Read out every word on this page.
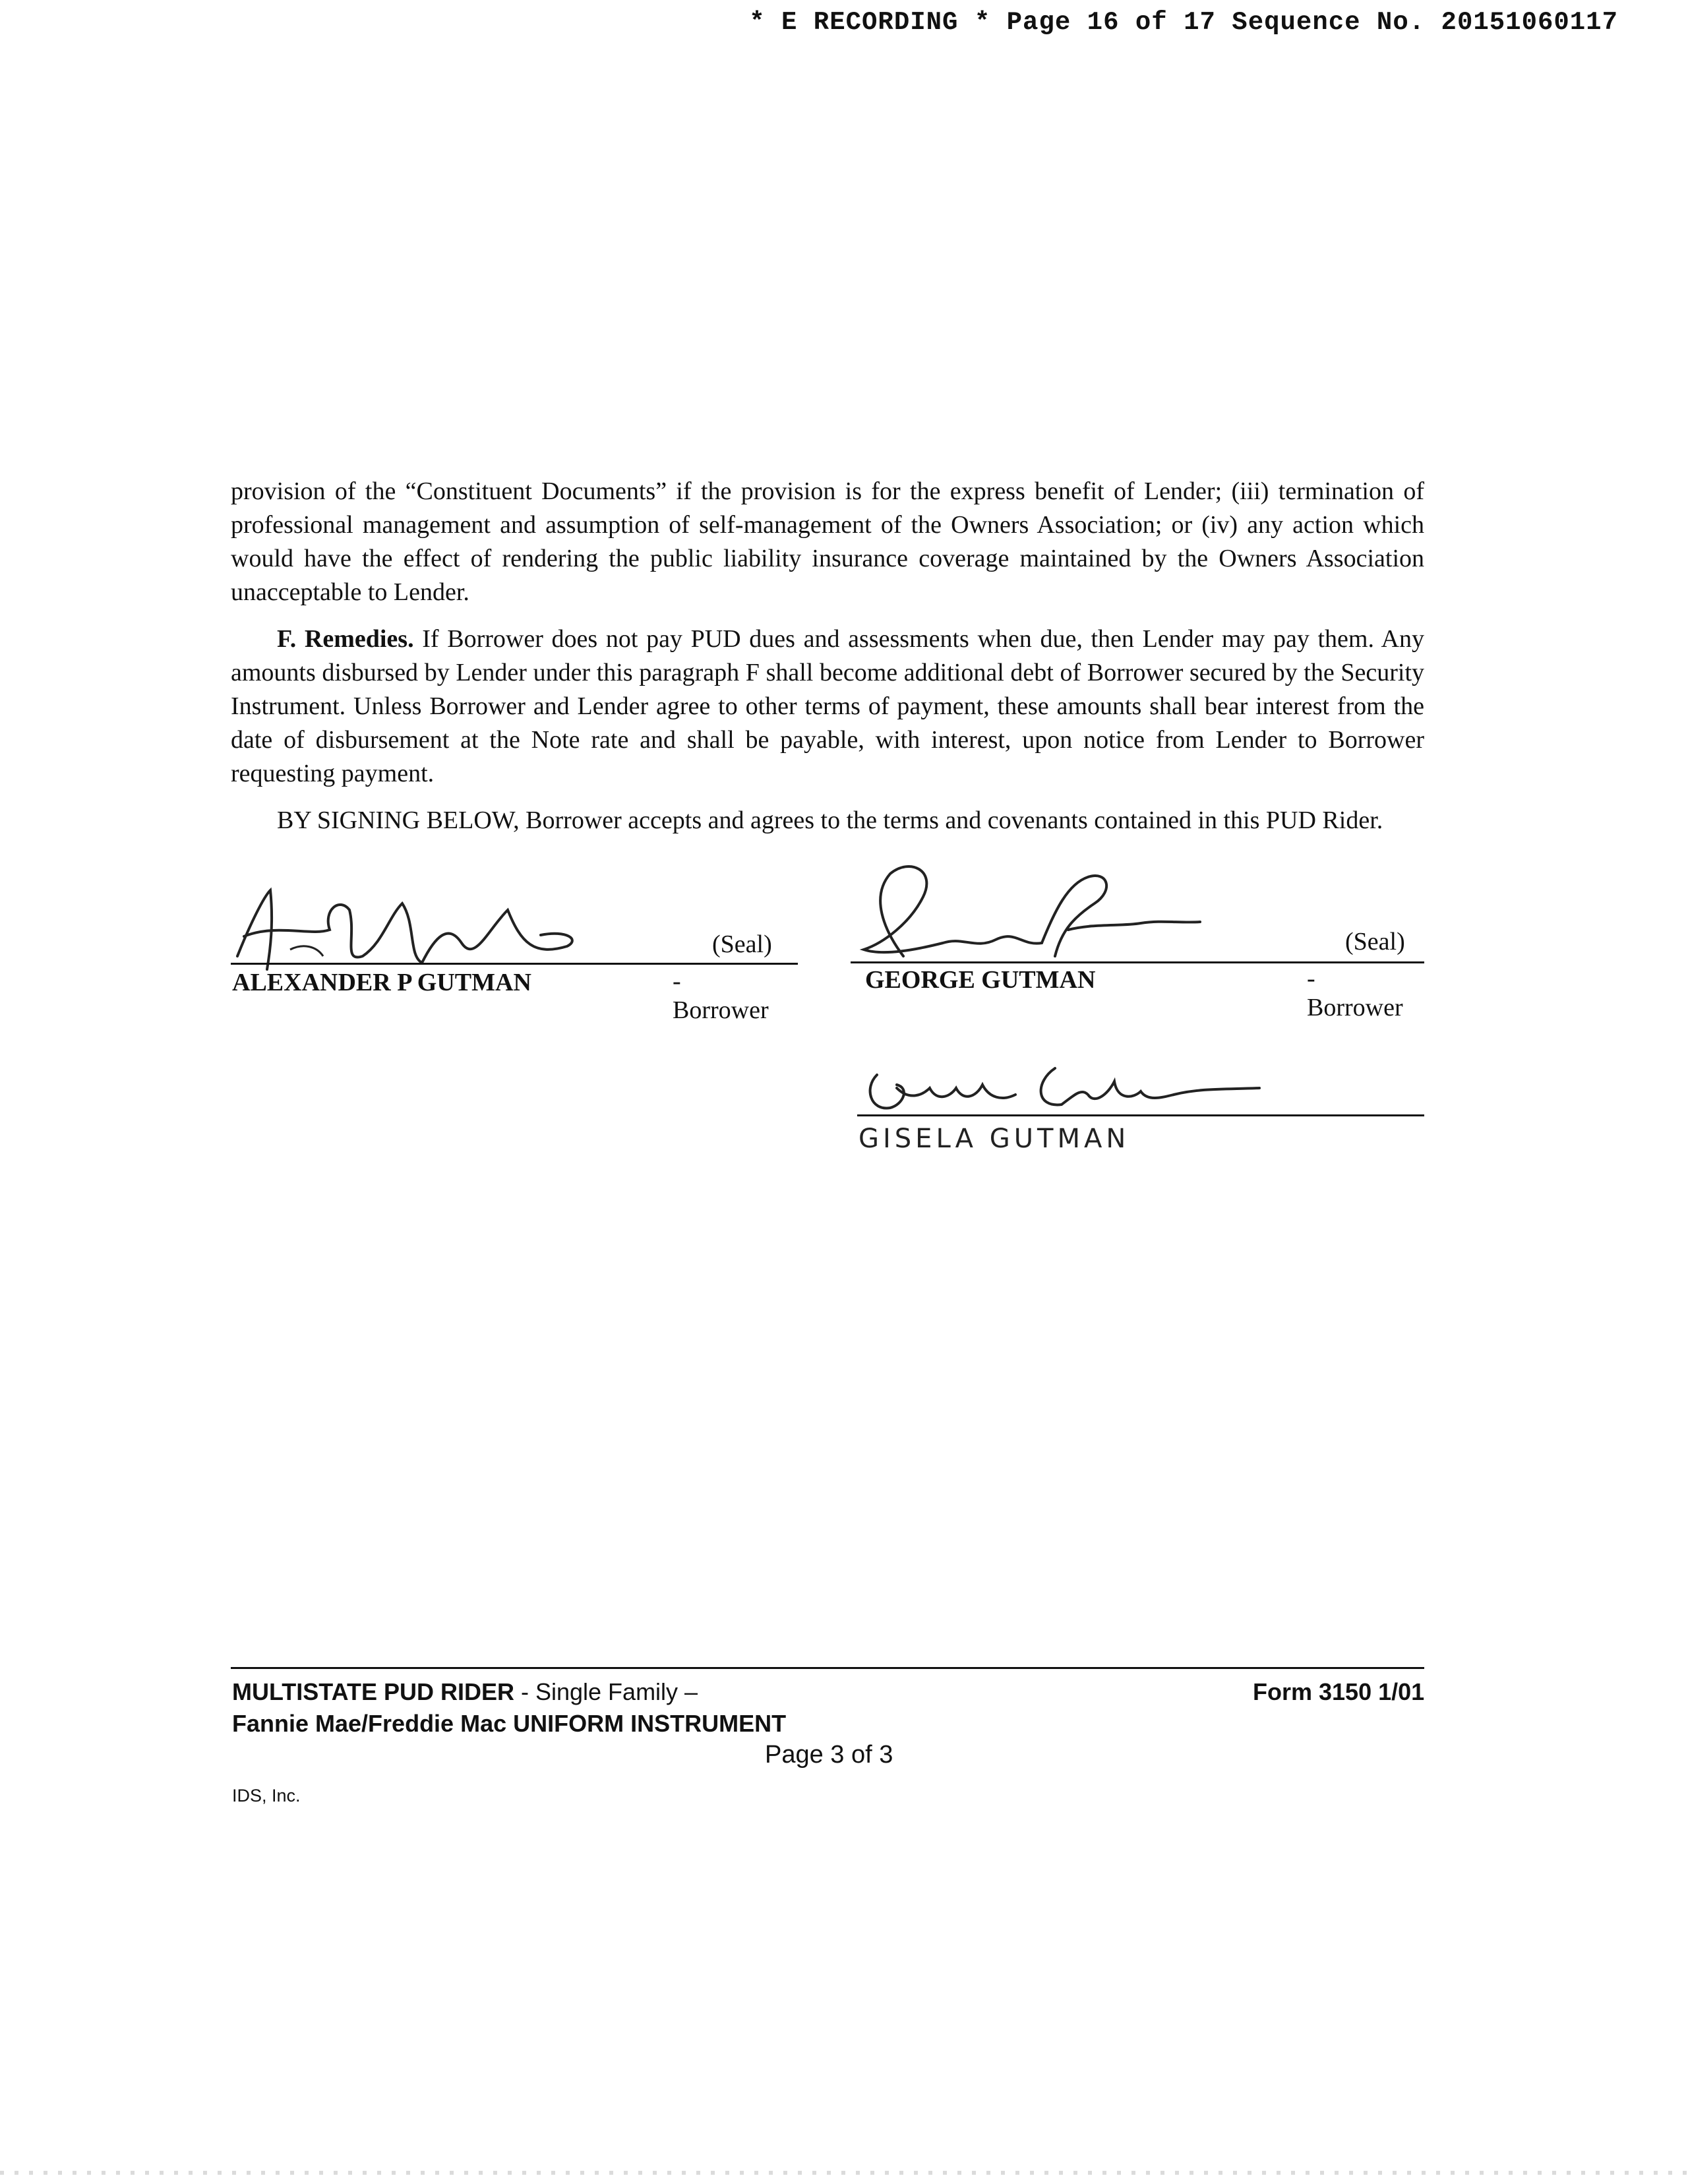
* E RECORDING * Page 16 of 17 Sequence No. 20151060117

provision of the “Constituent Documents” if the provision is for the express benefit of Lender; (iii) termination of professional management and assumption of self-management of the Owners Association; or (iv) any action which would have the effect of rendering the public liability insurance coverage maintained by the Owners Association unacceptable to Lender.

F. Remedies. If Borrower does not pay PUD dues and assessments when due, then Lender may pay them. Any amounts disbursed by Lender under this paragraph F shall become additional debt of Borrower secured by the Security Instrument. Unless Borrower and Lender agree to other terms of payment, these amounts shall bear interest from the date of disbursement at the Note rate and shall be payable, with interest, upon notice from Lender to Borrower requesting payment.

BY SIGNING BELOW, Borrower accepts and agrees to the terms and covenants contained in this PUD Rider.

(Seal)
ALEXANDER P GUTMAN	-Borrower
(Seal)
GEORGE GUTMAN	-Borrower
GISELA GUTMAN
MULTISTATE PUD RIDER - Single Family –
Fannie Mae/Freddie Mac UNIFORM INSTRUMENT
Form 3150 1/01
Page 3 of 3
IDS, Inc.
